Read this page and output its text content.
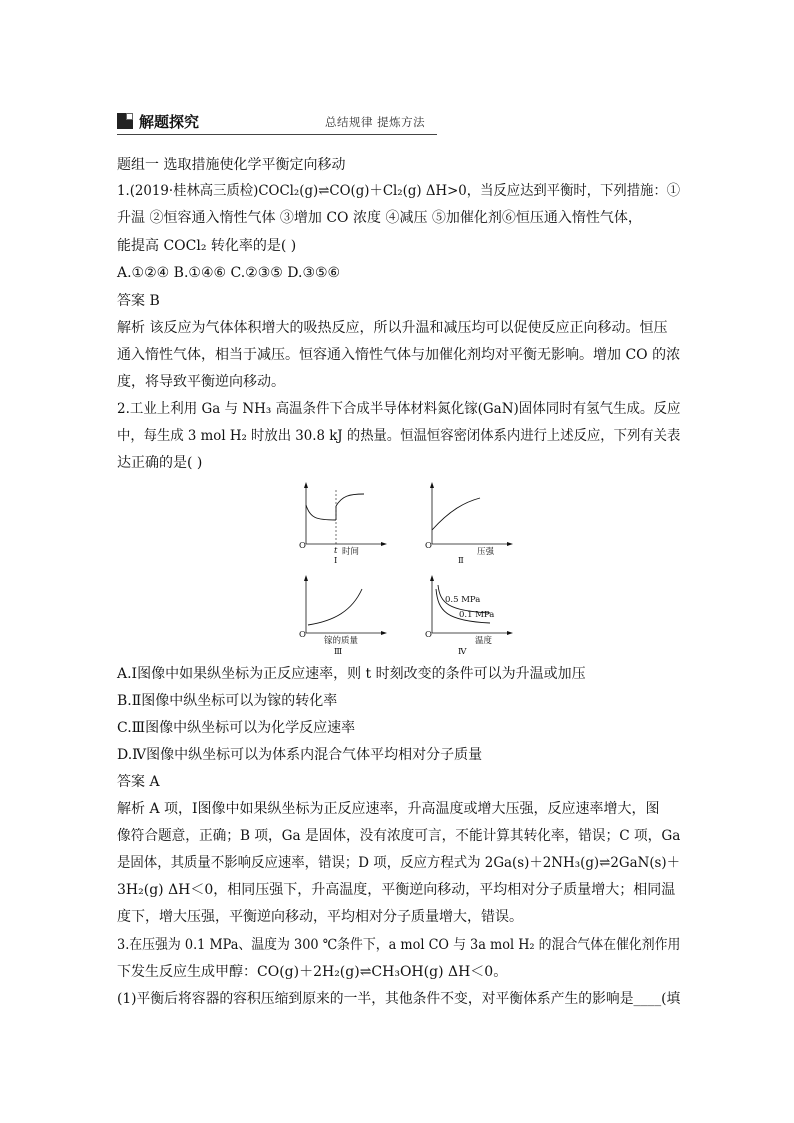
解题探究	总结规律 提炼方法
题组一 选取措施使化学平衡定向移动
1.(2019·桂林高三质检)COCl₂(g)⇌CO(g)＋Cl₂(g) ΔH>0，当反应达到平衡时，下列措施：①
升温 ②恒容通入惰性气体 ③增加 CO 浓度 ④减压 ⑤加催化剂⑥恒压通入惰性气体，
能提高 COCl₂ 转化率的是( )
A.①②④ B.①④⑥ C.②③⑤ D.③⑤⑥
答案 B
解析 该反应为气体体积增大的吸热反应，所以升温和减压均可以促使反应正向移动。恒压
通入惰性气体，相当于减压。恒容通入惰性气体与加催化剂均对平衡无影响。增加 CO 的浓
度，将导致平衡逆向移动。
2.工业上利用 Ga 与 NH₃ 高温条件下合成半导体材料氮化镓(GaN)固体同时有氢气生成。反应
中，每生成 3 mol H₂ 时放出 30.8 kJ 的热量。恒温恒容密闭体系内进行上述反应，下列有关表
达正确的是( )
O	t 时间
Ⅰ
O
压强
Ⅱ
O
镓的质量
Ⅲ
O
0.5 MPa
0.1 MPa
温度
Ⅳ
A.Ⅰ图像中如果纵坐标为正反应速率，则 t 时刻改变的条件可以为升温或加压
B.Ⅱ图像中纵坐标可以为镓的转化率
C.Ⅲ图像中纵坐标可以为化学反应速率
D.Ⅳ图像中纵坐标可以为体系内混合气体平均相对分子质量
答案 A
解析 A 项，Ⅰ图像中如果纵坐标为正反应速率，升高温度或增大压强，反应速率增大，图
像符合题意，正确；B 项，Ga 是固体，没有浓度可言，不能计算其转化率，错误；C 项，Ga
是固体，其质量不影响反应速率，错误；D 项，反应方程式为 2Ga(s)＋2NH₃(g)⇌2GaN(s)＋
3H₂(g) ΔH＜0，相同压强下，升高温度，平衡逆向移动，平均相对分子质量增大；相同温
度下，增大压强，平衡逆向移动，平均相对分子质量增大，错误。
3.在压强为 0.1 MPa、温度为 300 ℃条件下，a mol CO 与 3a mol H₂ 的混合气体在催化剂作用
下发生反应生成甲醇：CO(g)＋2H₂(g)⇌CH₃OH(g) ΔH＜0。
(1)平衡后将容器的容积压缩到原来的一半，其他条件不变，对平衡体系产生的影响是____(填
